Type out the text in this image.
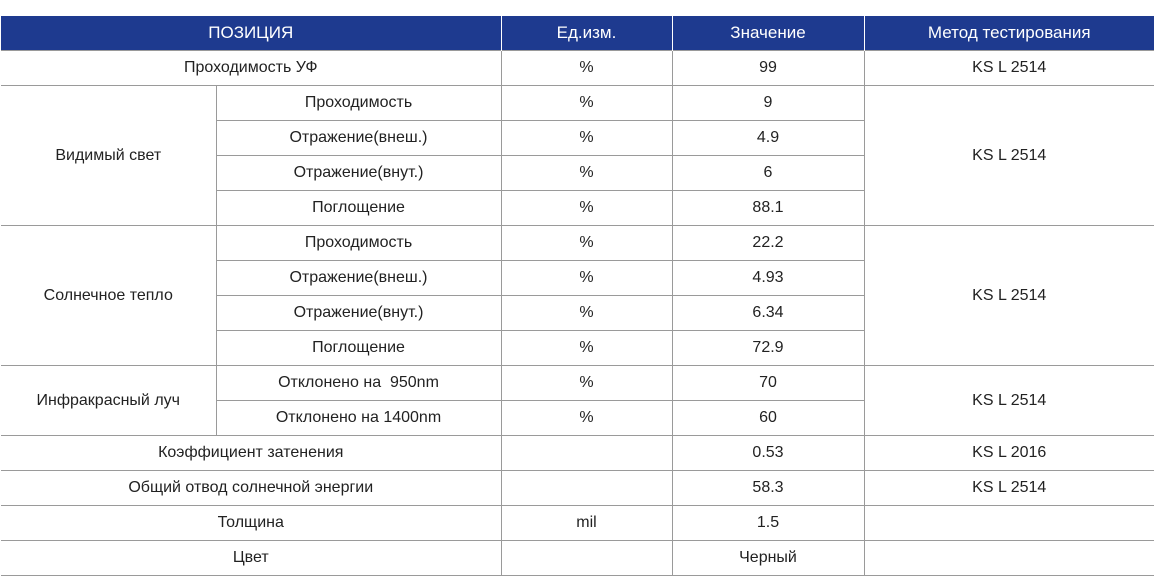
ПОЗИЦИЯ		Ед.изм.	Значение	Метод тестирования
Проходимость УФ		%	99	KS L 2514
Видимый свет	Проходимость	%	9	KS L 2514
	Отражение(внеш.)	%	4.9	
	Отражение(внут.)	%	6	
	Поглощение	%	88.1	
Солнечное тепло	Проходимость	%	22.2	KS L 2514
	Отражение(внеш.)	%	4.93	
	Отражение(внут.)	%	6.34	
	Поглощение	%	72.9	
Инфракрасный луч	Отклонено на  950nm	%	70	KS L 2514
	Отклонено на 1400nm	%	60	
Коэффициент затенения			0.53	KS L 2016
Общий отвод солнечной энергии			58.3	KS L 2514
Толщина		mil	1.5	
Цвет			Черный	
